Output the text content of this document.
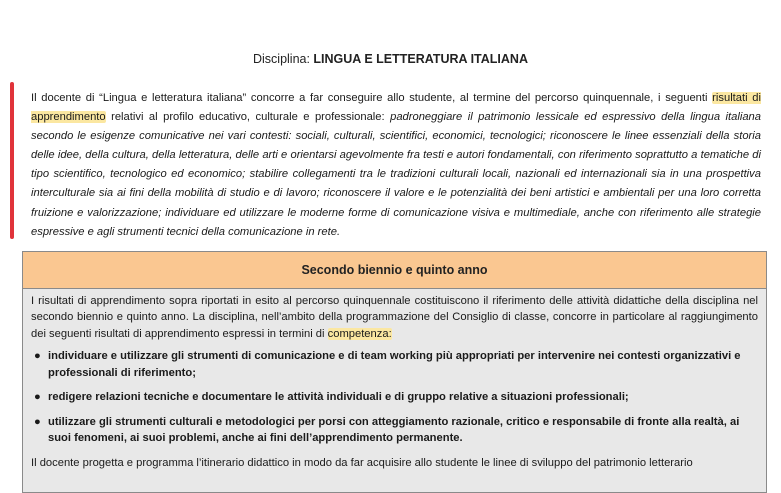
Disciplina: LINGUA E LETTERATURA ITALIANA
Il docente di “Lingua e letteratura italiana” concorre a far conseguire allo studente, al termine del percorso quinquennale, i seguenti risultati di apprendimento relativi al profilo educativo, culturale e professionale: padroneggiare il patrimonio lessicale ed espressivo della lingua italiana secondo le esigenze comunicative nei vari contesti: sociali, culturali, scientifici, economici, tecnologici; riconoscere le linee essenziali della storia delle idee, della cultura, della letteratura, delle arti e orientarsi agevolmente fra testi e autori fondamentali, con riferimento soprattutto a tematiche di tipo scientifico, tecnologico ed economico; stabilire collegamenti tra le tradizioni culturali locali, nazionali ed internazionali sia in una prospettiva interculturale sia ai fini della mobilità di studio e di lavoro; riconoscere il valore e le potenzialità dei beni artistici e ambientali per una loro corretta fruizione e valorizzazione; individuare ed utilizzare le moderne forme di comunicazione visiva e multimediale, anche con riferimento alle strategie espressive e agli strumenti tecnici della comunicazione in rete.
Secondo biennio e quinto anno

I risultati di apprendimento sopra riportati in esito al percorso quinquennale costituiscono il riferimento delle attività didattiche della disciplina nel secondo biennio e quinto anno. La disciplina, nell’ambito della programmazione del Consiglio di classe, concorre in particolare al raggiungimento dei seguenti risultati di apprendimento espressi in termini di competenza:

● individuare e utilizzare gli strumenti di comunicazione e di team working più appropriati per intervenire nei contesti organizzativi e professionali di riferimento;
● redigere relazioni tecniche e documentare le attività individuali e di gruppo relative a situazioni professionali;
● utilizzare gli strumenti culturali e metodologici per porsi con atteggiamento razionale, critico e responsabile di fronte alla realtà, ai suoi fenomeni, ai suoi problemi, anche ai fini dell’apprendimento permanente.

Il docente progetta e programma l’itinerario didattico in modo da far acquisire allo studente le linee di sviluppo del patrimonio letterario
